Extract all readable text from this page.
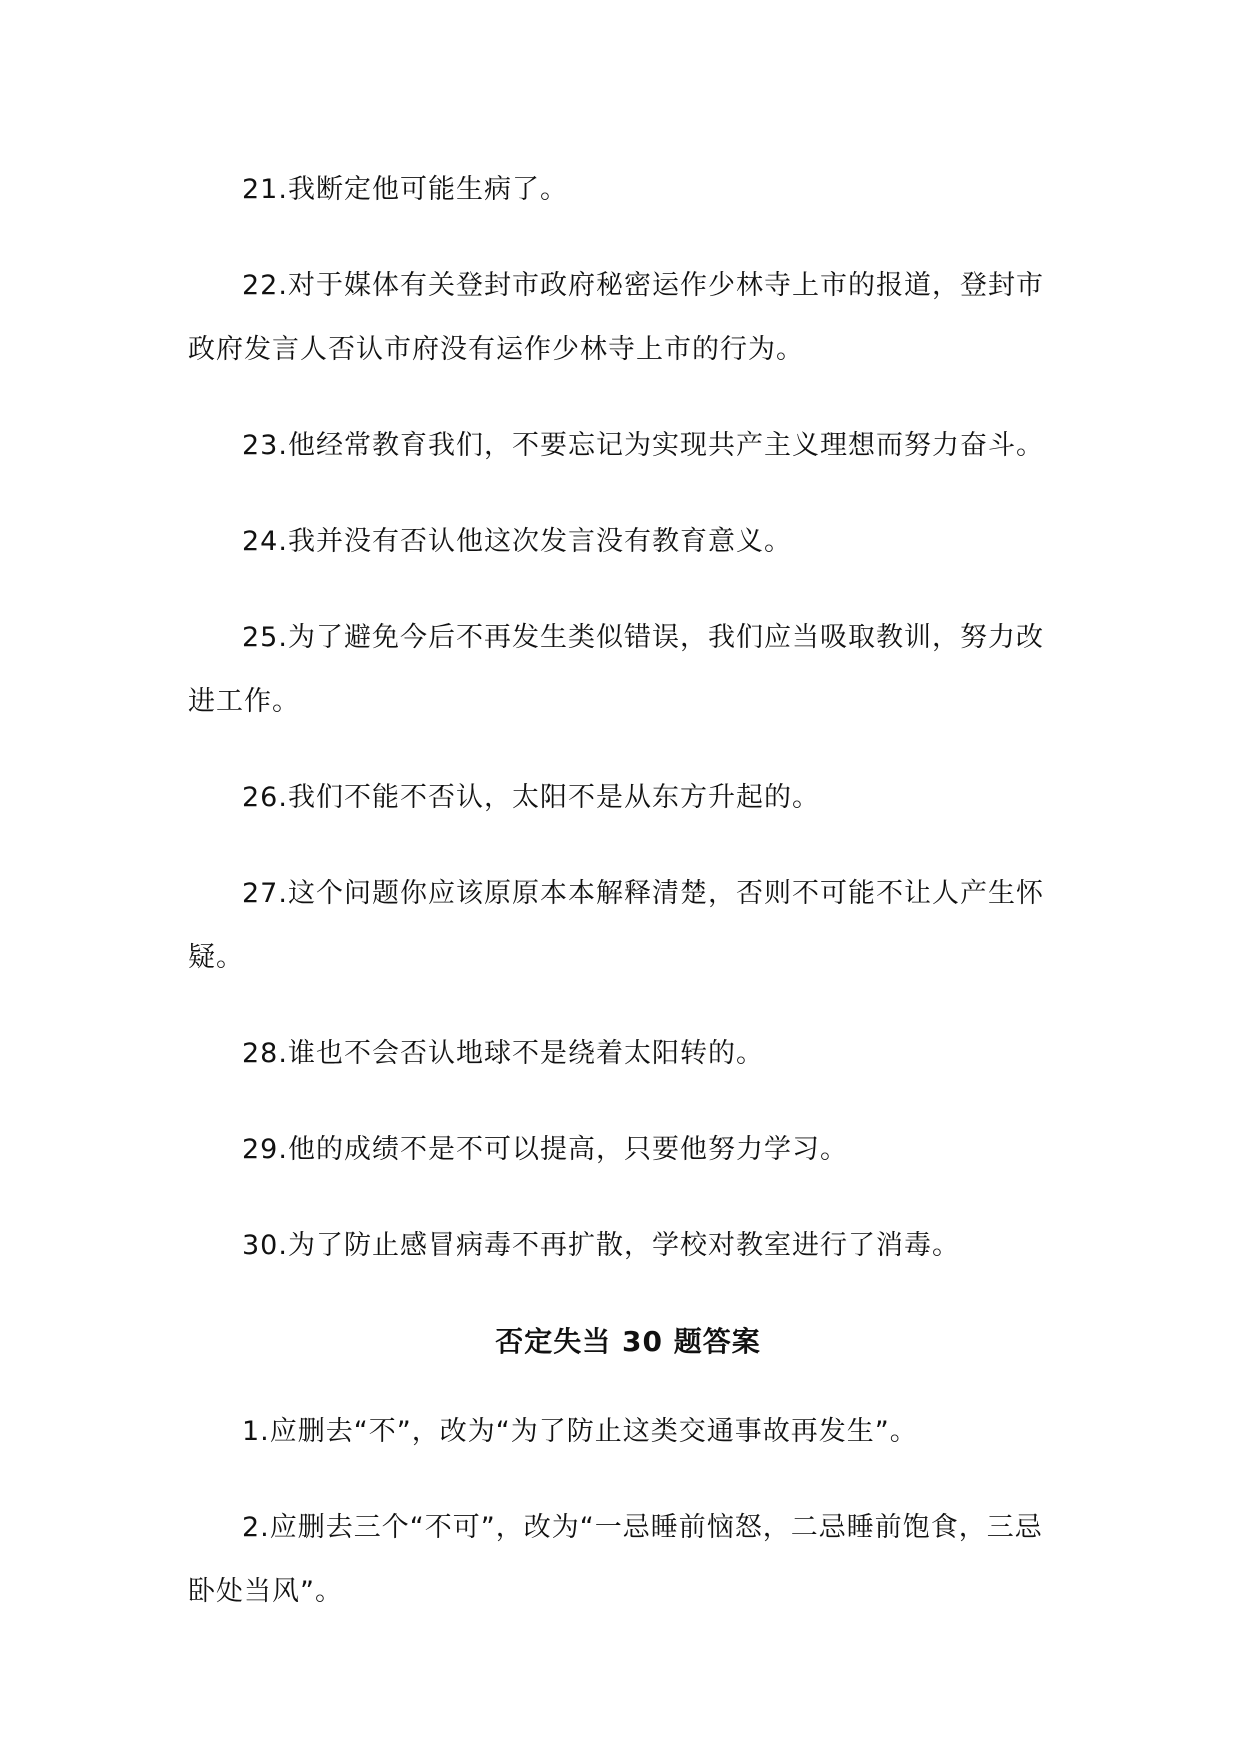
21.我断定他可能生病了。

22.对于媒体有关登封市政府秘密运作少林寺上市的报道，登封市政府发言人否认市府没有运作少林寺上市的行为。

23.他经常教育我们，不要忘记为实现共产主义理想而努力奋斗。

24.我并没有否认他这次发言没有教育意义。

25.为了避免今后不再发生类似错误，我们应当吸取教训，努力改进工作。

26.我们不能不否认，太阳不是从东方升起的。

27.这个问题你应该原原本本解释清楚，否则不可能不让人产生怀疑。

28.谁也不会否认地球不是绕着太阳转的。

29.他的成绩不是不可以提高，只要他努力学习。

30.为了防止感冒病毒不再扩散，学校对教室进行了消毒。

否定失当 30 题答案

1.应删去“不”，改为“为了防止这类交通事故再发生”。

2.应删去三个“不可”，改为“一忌睡前恼怒，二忌睡前饱食，三忌卧处当风”。
